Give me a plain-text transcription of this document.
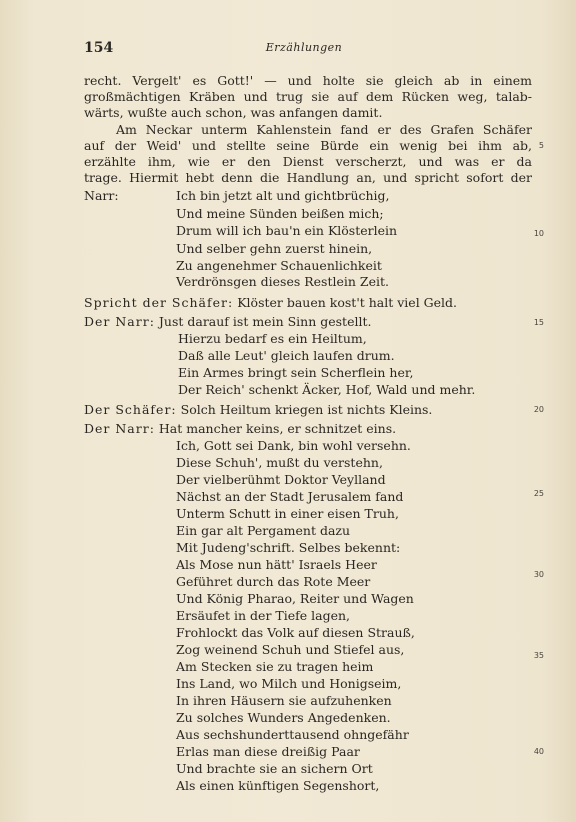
154	Erzählungen
recht. Vergelt' es Gott!' — und holte sie gleich ab in einem
großmächtigen Kräben und trug sie auf dem Rücken weg, talab-
wärts, wußte auch schon, was anfangen damit.
Am Neckar unterm Kahlenstein fand er des Grafen Schäfer
auf der Weid' und stellte seine Bürde ein wenig bei ihm ab, 5
erzählte ihm, wie er den Dienst verscherzt, und was er da
trage. Hiermit hebt denn die Handlung an, und spricht sofort der
Narr:	Ich bin jetzt alt und gichtbrüchig,
Und meine Sünden beißen mich;
Drum will ich bau'n ein Klösterlein	10
Und selber gehn zuerst hinein,
Zu angenehmer Schauenlichkeit
Verdrönsgen dieses Restlein Zeit.
Spricht der Schäfer: Klöster bauen kost't halt viel Geld.
Der Narr: Just darauf ist mein Sinn gestellt.	15
Hierzu bedarf es ein Heiltum,
Daß alle Leut' gleich laufen drum.
Ein Armes bringt sein Scherflein her,
Der Reich' schenkt Äcker, Hof, Wald und mehr.
Der Schäfer: Solch Heiltum kriegen ist nichts Kleins.	20
Der Narr: Hat mancher keins, er schnitzet eins.
Ich, Gott sei Dank, bin wohl versehn.
Diese Schuh', mußt du verstehn,
Der vielberühmt Doktor Veylland
Nächst an der Stadt Jerusalem fand	25
Unterm Schutt in einer eisen Truh,
Ein gar alt Pergament dazu
Mit Judeng'schrift. Selbes bekennt:
Als Mose nun hätt' Israels Heer
Geführet durch das Rote Meer	30
Und König Pharao, Reiter und Wagen
Ersäufet in der Tiefe lagen,
Frohlockt das Volk auf diesen Strauß,
Zog weinend Schuh und Stiefel aus,
Am Stecken sie zu tragen heim
35
Ins Land, wo Milch und Honigseim,
In ihren Häusern sie aufzuhenken
Zu solches Wunders Angedenken.
Aus sechshunderttausend ohngefähr
Erlas man diese dreißig Paar	40
Und brachte sie an sichern Ort
Als einen künftigen Segenshort,
